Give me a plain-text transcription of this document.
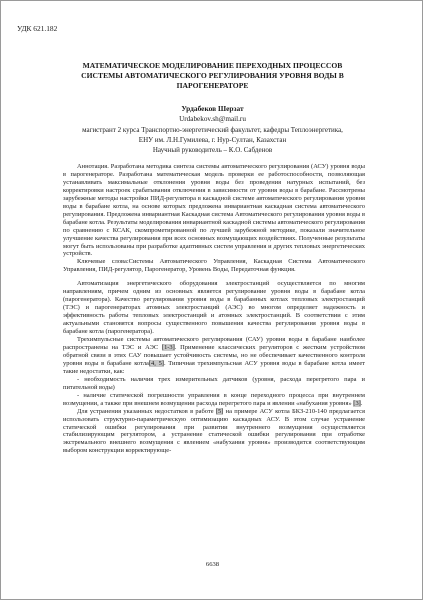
УДК 621.182
МАТЕМАТИЧЕСКОЕ МОДЕЛИРОВАНИЕ ПЕРЕХОДНЫХ ПРОЦЕССОВ
СИСТЕМЫ АВТОМАТИЧЕСКОГО РЕГУЛИРОВАНИЯ УРОВНЯ ВОДЫ В
ПАРОГЕНЕРАТОРЕ
Урдабеков Шерзат
Urdabekov.sh@mail.ru
магистрант 2 курса Транспортно-энергетический факультет, кафедры Теплоэнергетика,
ЕНУ им. Л.Н.Гумилева, г. Нур-Султан, Казахстан
Научный руководитель – К.О. Сабденов

Аннотация. Разработана методика синтеза системы автоматического регулирования (АСУ) уровня воды в парогенераторе. Разработана математическая модель проверки ее работоспособности, позволяющая устанавливать максимальные отклонения уровня воды без проведения натурных испытаний, без корректировки настроек срабатывания отключения в зависимости от уровня воды в барабане. Рассмотрены зарубежные методы настройки ПИД-регулятора в каскадной системе автоматического регулирования уровня воды в барабане котла, на основе которых предложена инвариантная каскадная система автоматического регулирования. Предложена инвариантная Каскадная система Автоматического регулирования уровня воды в барабане котла. Результаты моделирования инвариантной каскадной системы автоматического регулирования по сравнению с КСАК, скомпрометированной по лучшей зарубежной методике, показали значительное улучшение качества регулирования при всех основных возмущающих воздействиях. Полученные результаты могут быть использованы при разработке адаптивных систем управления и других тепловых энергетических устройств.

Ключевые слова:Системы Автоматического Управления, Каскадная Система Автоматического Управления, ПИД-регулятор, Парогенератор, Уровень Воды, Передаточная функция.

Автоматизация энергетического оборудования электростанций осуществляется по многим направлениям, причем одним из основных является регулирование уровня воды в барабане котла (парогенератора). Качество регулирования уровня воды в барабанных котлах тепловых электростанций (ТЭС) и парогенераторах атомных электростанций (АЭС) во многом определяет надежность и эффективность работы тепловых электростанций и атомных электростанций. В соответствии с этим актуальными становятся вопросы существенного повышения качества регулирования уровня воды в барабане котла (парогенератора).

Трехимпульсные системы автоматического регулирования (САУ) уровня воды в барабане наиболее распространены на ТЭС и АЭС [1-3]. Применение классических регуляторов с жестким устройством обратной связи в этих САУ повышает устойчивость системы, но не обеспечивает качественного контроля уровня воды в барабане котла[4, 5]. Типичная трехимпульсная АСУ уровня воды в барабане котла имеет такие недостатки, как:

- необходимость наличия трех измерительных датчиков (уровня, расхода перегретого пара и питательной воды)

- наличие статической погрешности управления в конце переходного процесса при внутреннем возмущении, а также при внешнем возмущении расхода перегретого пара и явлении «набухания уровня» [3].

Для устранения указанных недостатков в работе [5] на примере АСУ котла БКЗ-210-140 предлагается использовать структурно-параметрическую оптимизацию каскадных АСУ. В этом случае устранение статической ошибки регулирования при развитии внутреннего возмущения осуществляется стабилизирующим регулятором, а устранение статической ошибки регулирования при отработке экстремального внешнего возмущения с явлением «набухания уровня» производится соответствующим выбором конструкции корректирующе-

6638
